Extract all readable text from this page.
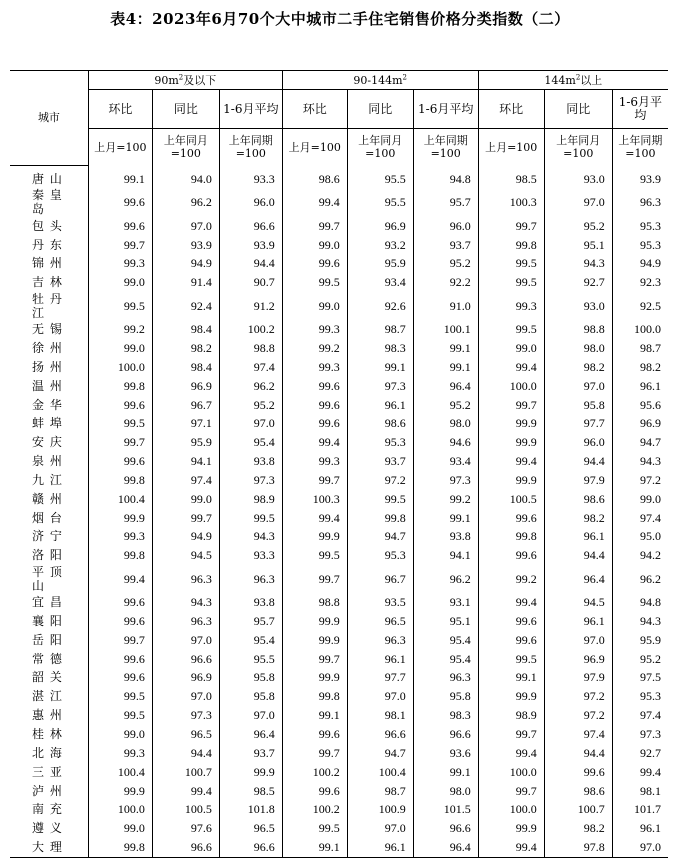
表4：2023年6月70个大中城市二手住宅销售价格分类指数（二）
城市	$90m^2$及以下			$90-144m^2$			$144m^2$以上		
	环比	同比	1-6月平均	环比	同比	1-6月平均	环比	同比	1-6月平均
	上月=100	上年同月=100	上年同期=100	上月=100	上年同月=100	上年同期=100	上月=100	上年同月=100	上年同期=100
唐山	99.1	94.0	93.3	98.6	95.5	94.8	98.5	93.0	93.9
秦皇岛	99.6	96.2	96.0	99.4	95.5	95.7	100.3	97.0	96.3
包头	99.6	97.0	96.6	99.7	96.9	96.0	99.7	95.2	95.3
丹东	99.7	93.9	93.9	99.0	93.2	93.7	99.8	95.1	95.3
锦州	99.3	94.9	94.4	99.6	95.9	95.2	99.5	94.3	94.9
吉林	99.0	91.4	90.7	99.5	93.4	92.2	99.5	92.7	92.3
牡丹江	99.5	92.4	91.2	99.0	92.6	91.0	99.3	93.0	92.5
无锡	99.2	98.4	100.2	99.3	98.7	100.1	99.5	98.8	100.0
徐州	99.0	98.2	98.8	99.2	98.3	99.1	99.0	98.0	98.7
扬州	100.0	98.4	97.4	99.3	99.1	99.1	99.4	98.2	98.2
温州	99.8	96.9	96.2	99.6	97.3	96.4	100.0	97.0	96.1
金华	99.6	96.7	95.2	99.6	96.1	95.2	99.7	95.8	95.6
蚌埠	99.5	97.1	97.0	99.6	98.6	98.0	99.9	97.7	96.9
安庆	99.7	95.9	95.4	99.4	95.3	94.6	99.9	96.0	94.7
泉州	99.6	94.1	93.8	99.3	93.7	93.4	99.4	94.4	94.3
九江	99.8	97.4	97.3	99.7	97.2	97.3	99.9	97.9	97.2
赣州	100.4	99.0	98.9	100.3	99.5	99.2	100.5	98.6	99.0
烟台	99.9	99.7	99.5	99.4	99.8	99.1	99.6	98.2	97.4
济宁	99.3	94.9	94.3	99.9	94.7	93.8	99.8	96.1	95.0
洛阳	99.8	94.5	93.3	99.5	95.3	94.1	99.6	94.4	94.2
平顶山	99.4	96.3	96.3	99.7	96.7	96.2	99.2	96.4	96.2
宜昌	99.6	94.3	93.8	98.8	93.5	93.1	99.4	94.5	94.8
襄阳	99.6	96.3	95.7	99.9	96.5	95.1	99.6	96.1	94.3
岳阳	99.7	97.0	95.4	99.9	96.3	95.4	99.6	97.0	95.9
常德	99.6	96.6	95.5	99.7	96.1	95.4	99.5	96.9	95.2
韶关	99.6	96.9	95.8	99.9	97.7	96.3	99.1	97.9	97.5
湛江	99.5	97.0	95.8	99.8	97.0	95.8	99.9	97.2	95.3
惠州	99.5	97.3	97.0	99.1	98.1	98.3	98.9	97.2	97.4
桂林	99.0	96.5	96.4	99.6	96.6	96.6	99.7	97.4	97.3
北海	99.3	94.4	93.7	99.7	94.7	93.6	99.4	94.4	92.7
三亚	100.4	100.7	99.9	100.2	100.4	99.1	100.0	99.6	99.4
泸州	99.9	99.4	98.5	99.6	98.7	98.0	99.7	98.6	98.1
南充	100.0	100.5	101.8	100.2	100.9	101.5	100.0	100.7	101.7
遵义	99.0	97.6	96.5	99.5	97.0	96.6	99.9	98.2	96.1
大理	99.8	96.6	96.6	99.1	96.1	96.4	99.4	97.8	97.0
